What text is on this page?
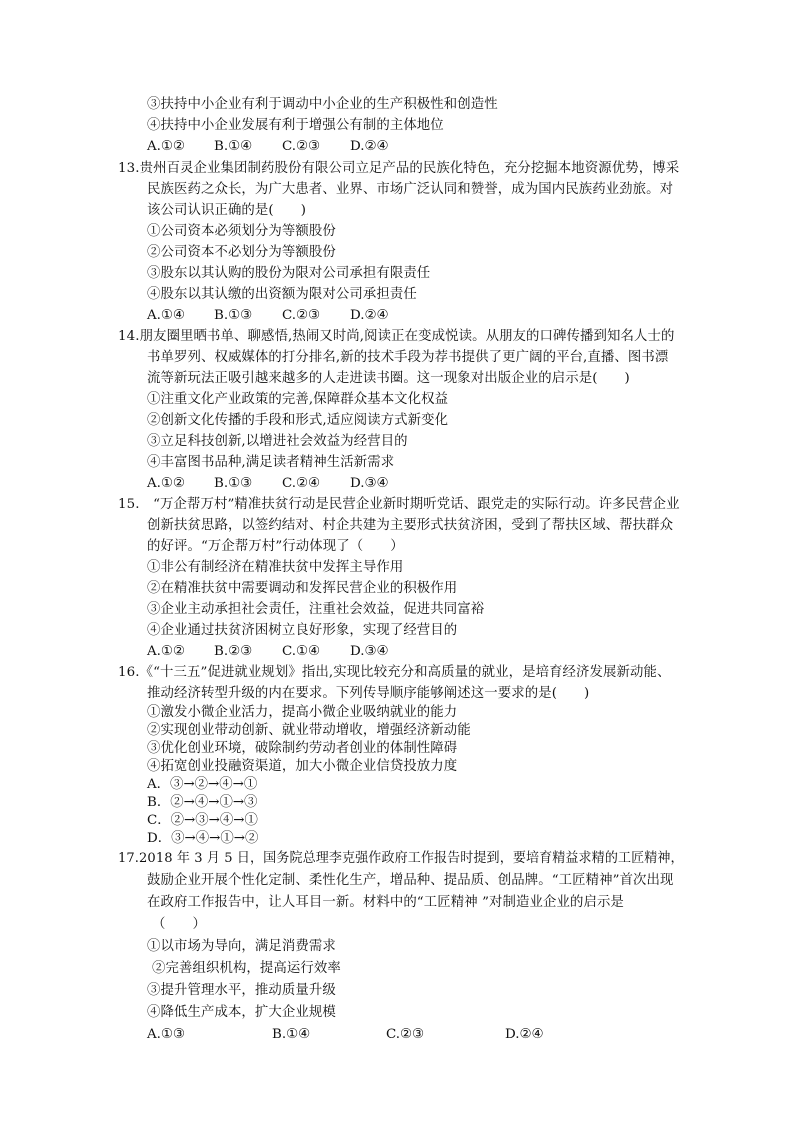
③扶持中小企业有利于调动中小企业的生产积极性和创造性
④扶持中小企业发展有利于增强公有制的主体地位
A.①② B.①④ C.②③ D.②④
13.贵州百灵企业集团制药股份有限公司立足产品的民族化特色，充分挖掘本地资源优势，博采
民族医药之众长，为广大患者、业界、市场广泛认同和赞誉，成为国内民族药业劲旅。对
该公司认识正确的是(　　)
①公司资本必须划分为等额股份
②公司资本不必划分为等额股份
③股东以其认购的股份为限对公司承担有限责任
④股东以其认缴的出资额为限对公司承担责任
A.①④ B.①③ C.②③ D.②④
14.朋友圈里晒书单、聊感悟,热闹又时尚,阅读正在变成悦读。从朋友的口碑传播到知名人士的
书单罗列、权威媒体的打分排名,新的技术手段为荐书提供了更广阔的平台,直播、图书漂
流等新玩法正吸引越来越多的人走进读书圈。这一现象对出版企业的启示是(　　)
①注重文化产业政策的完善,保障群众基本文化权益
②创新文化传播的手段和形式,适应阅读方式新变化
③立足科技创新,以增进社会效益为经营目的
④丰富图书品种,满足读者精神生活新需求
A.①② B.①③ C.②④ D.③④
15.　“万企帮万村”精准扶贫行动是民营企业新时期听党话、跟党走的实际行动。许多民营企业
创新扶贫思路，以签约结对、村企共建为主要形式扶贫济困，受到了帮扶区域、帮扶群众
的好评。“万企帮万村”行动体现了（　　）
①非公有制经济在精准扶贫中发挥主导作用
②在精准扶贫中需要调动和发挥民营企业的积极作用
③企业主动承担社会责任，注重社会效益，促进共同富裕
④企业通过扶贫济困树立良好形象，实现了经营目的
A.①② B.②③ C.①④ D.③④
16.《“十三五”促进就业规划》指出,实现比较充分和高质量的就业，是培育经济发展新动能、
推动经济转型升级的内在要求。下列传导顺序能够阐述这一要求的是(　　)
①激发小微企业活力，提高小微企业吸纳就业的能力
②实现创业带动创新、就业带动增收，增强经济新动能
③优化创业环境，破除制约劳动者创业的体制性障碍
④拓宽创业投融资渠道，加大小微企业信贷投放力度
A．③→②→④→①
B．②→④→①→③
C．②→③→④→①
D．③→④→①→②
17.2018 年 3 月 5 日，国务院总理李克强作政府工作报告时提到，要培育精益求精的工匠精神，
鼓励企业开展个性化定制、柔性化生产，增品种、提品质、创品牌。“工匠精神”首次出现
在政府工作报告中，让人耳目一新。材料中的“工匠精神 ”对制造业企业的启示是
（　　）
①以市场为导向，满足消费需求
②完善组织机构，提高运行效率
③提升管理水平，推动质量升级
④降低生产成本，扩大企业规模
A.①③	B.①④	C.②③	D.②④
